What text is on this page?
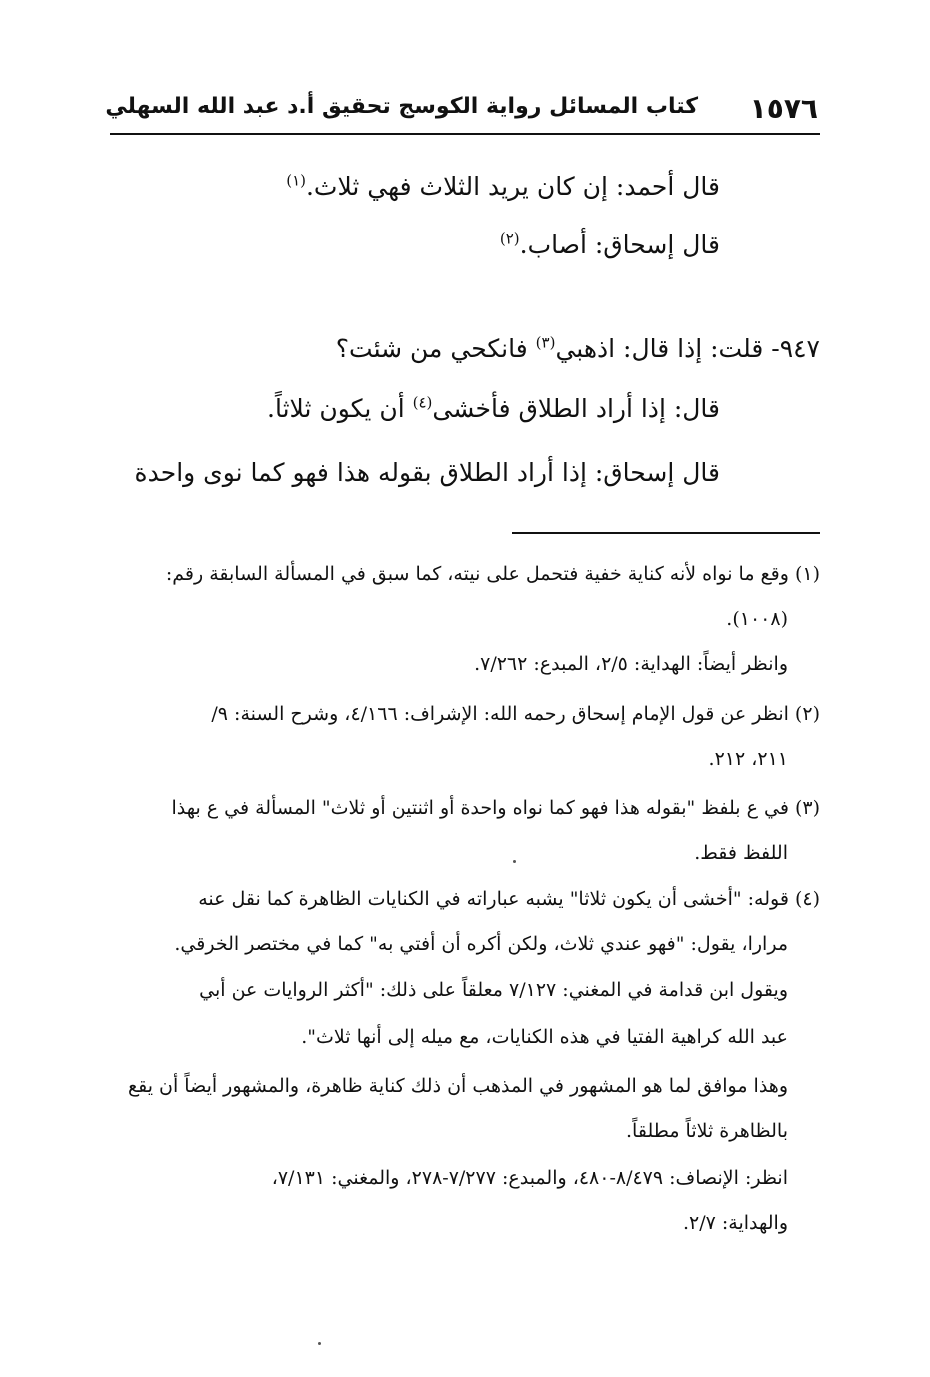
١٥٧٦
كتاب المسائل رواية الكوسج تحقيق أ.د عبد الله السهلي
قال أحمد: إن كان يريد الثلاث فهي ثلاث.$^{(١)}$
قال إسحاق: أصاب.$^{(٢)}$
٩٤٧- قلت: إذا قال: اذهبي$^{(٣)}$ فانكحي من شئت؟
قال: إذا أراد الطلاق فأخشى$^{(٤)}$ أن يكون ثلاثاً.
قال إسحاق: إذا أراد الطلاق بقوله هذا فهو كما نوى واحدة
(١) وقع ما نواه لأنه كناية خفية فتحمل على نيته، كما سبق في المسألة السابقة رقم:
(١٠٠٨).
وانظر أيضاً: الهداية: ٢/٥، المبدع: ٧/٢٦٢.
(٢) انظر عن قول الإمام إسحاق رحمه الله: الإشراف: ٤/١٦٦، وشرح السنة: ٩/
٢١١، ٢١٢.
(٣) في ع بلفظ "بقوله هذا فهو كما نواه واحدة أو اثنتين أو ثلاث" المسألة في ع بهذا
اللفظ فقط.
(٤) قوله: "أخشى أن يكون ثلاثا" يشبه عباراته في الكنايات الظاهرة كما نقل عنه
مرارا، يقول: "فهو عندي ثلاث، ولكن أكره أن أفتي به" كما في مختصر الخرقي.
ويقول ابن قدامة في المغني: ٧/١٢٧ معلقاً على ذلك: "أكثر الروايات عن أبي
عبد الله كراهية الفتيا في هذه الكنايات، مع ميله إلى أنها ثلاث".
وهذا موافق لما هو المشهور في المذهب أن ذلك كناية ظاهرة، والمشهور أيضاً أن يقع
بالظاهرة ثلاثاً مطلقاً.
انظر: الإنصاف: ٨/٤٧٩-٤٨٠، والمبدع: ٧/٢٧٧-٢٧٨، والمغني: ٧/١٣١،
والهداية: ٢/٧.
